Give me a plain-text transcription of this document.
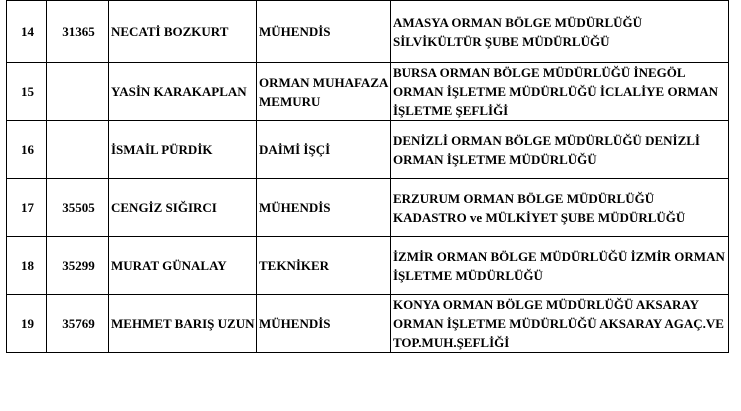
14	31365	NECATİ BOZKURT	MÜHENDİS	AMASYA ORMAN BÖLGE MÜDÜRLÜĞÜ SİLVİKÜLTÜR ŞUBE MÜDÜRLÜĞÜ
15		YASİN KARAKAPLAN	ORMAN MUHAFAZA MEMURU	BURSA ORMAN BÖLGE MÜDÜRLÜĞÜ İNEGÖL ORMAN İŞLETME MÜDÜRLÜĞÜ İCLALİYE ORMAN İŞLETME ŞEFLİĞİ
16		İSMAİL PÜRDİK	DAİMİ İŞÇİ	DENİZLİ ORMAN BÖLGE MÜDÜRLÜĞÜ DENİZLİ ORMAN İŞLETME MÜDÜRLÜĞÜ
17	35505	CENGİZ SIĞIRCI	MÜHENDİS	ERZURUM ORMAN BÖLGE MÜDÜRLÜĞÜ KADASTRO ve MÜLKİYET ŞUBE MÜDÜRLÜĞÜ
18	35299	MURAT GÜNALAY	TEKNİKER	İZMİR ORMAN BÖLGE MÜDÜRLÜĞÜ İZMİR ORMAN İŞLETME MÜDÜRLÜĞÜ
19	35769	MEHMET BARIŞ UZUN	MÜHENDİS	KONYA ORMAN BÖLGE MÜDÜRLÜĞÜ AKSARAY ORMAN İŞLETME MÜDÜRLÜĞÜ AKSARAY AGAÇ.VE TOP.MUH.ŞEFLİĞİ
